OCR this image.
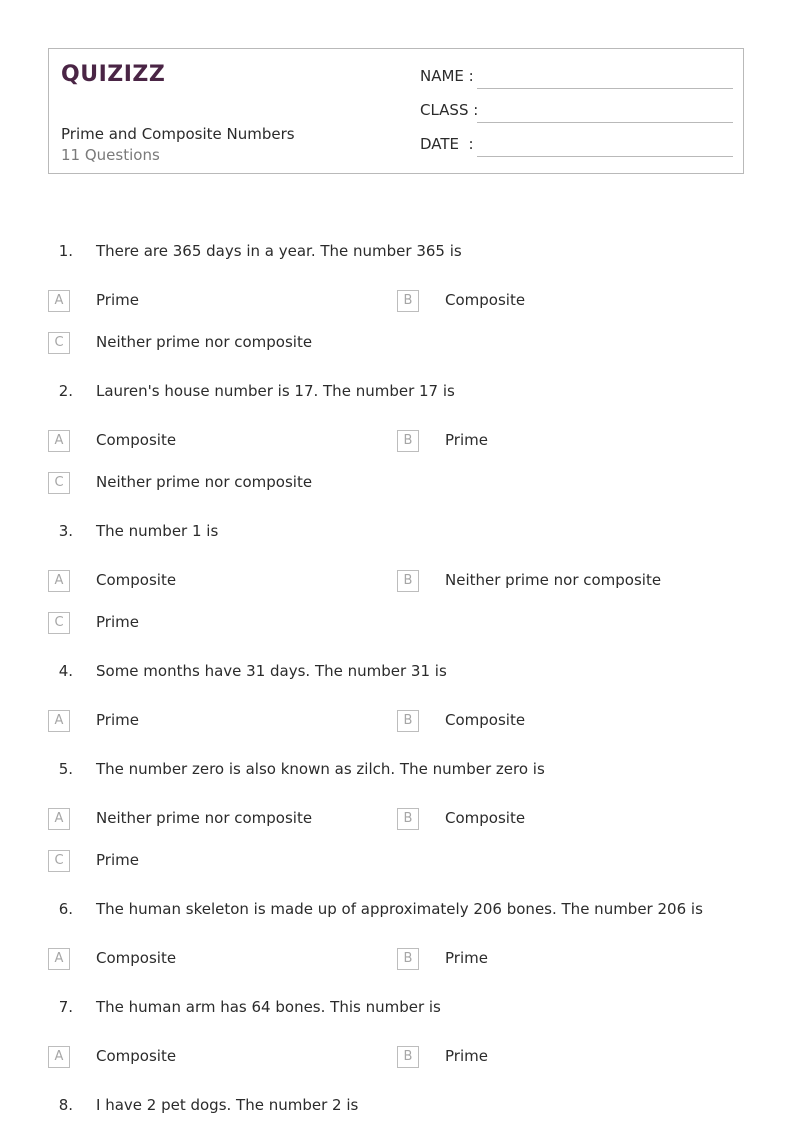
QUIZIZZ
Prime and Composite Numbers
11 Questions
NAME :
CLASS :
DATE  :
1. There are 365 days in a year. The number 365 is
A	Prime	B	Composite
C	Neither prime nor composite
2. Lauren's house number is 17. The number 17 is
A	Composite	B	Prime
C	Neither prime nor composite
3. The number 1 is
A	Composite	B	Neither prime nor composite
C	Prime
4. Some months have 31 days. The number 31 is
A	Prime	B	Composite
5. The number zero is also known as zilch. The number zero is
A	Neither prime nor composite	B	Composite
C	Prime
6. The human skeleton is made up of approximately 206 bones. The number 206 is
A	Composite	B	Prime
7. The human arm has 64 bones. This number is
A	Composite	B	Prime
8. I have 2 pet dogs. The number 2 is
